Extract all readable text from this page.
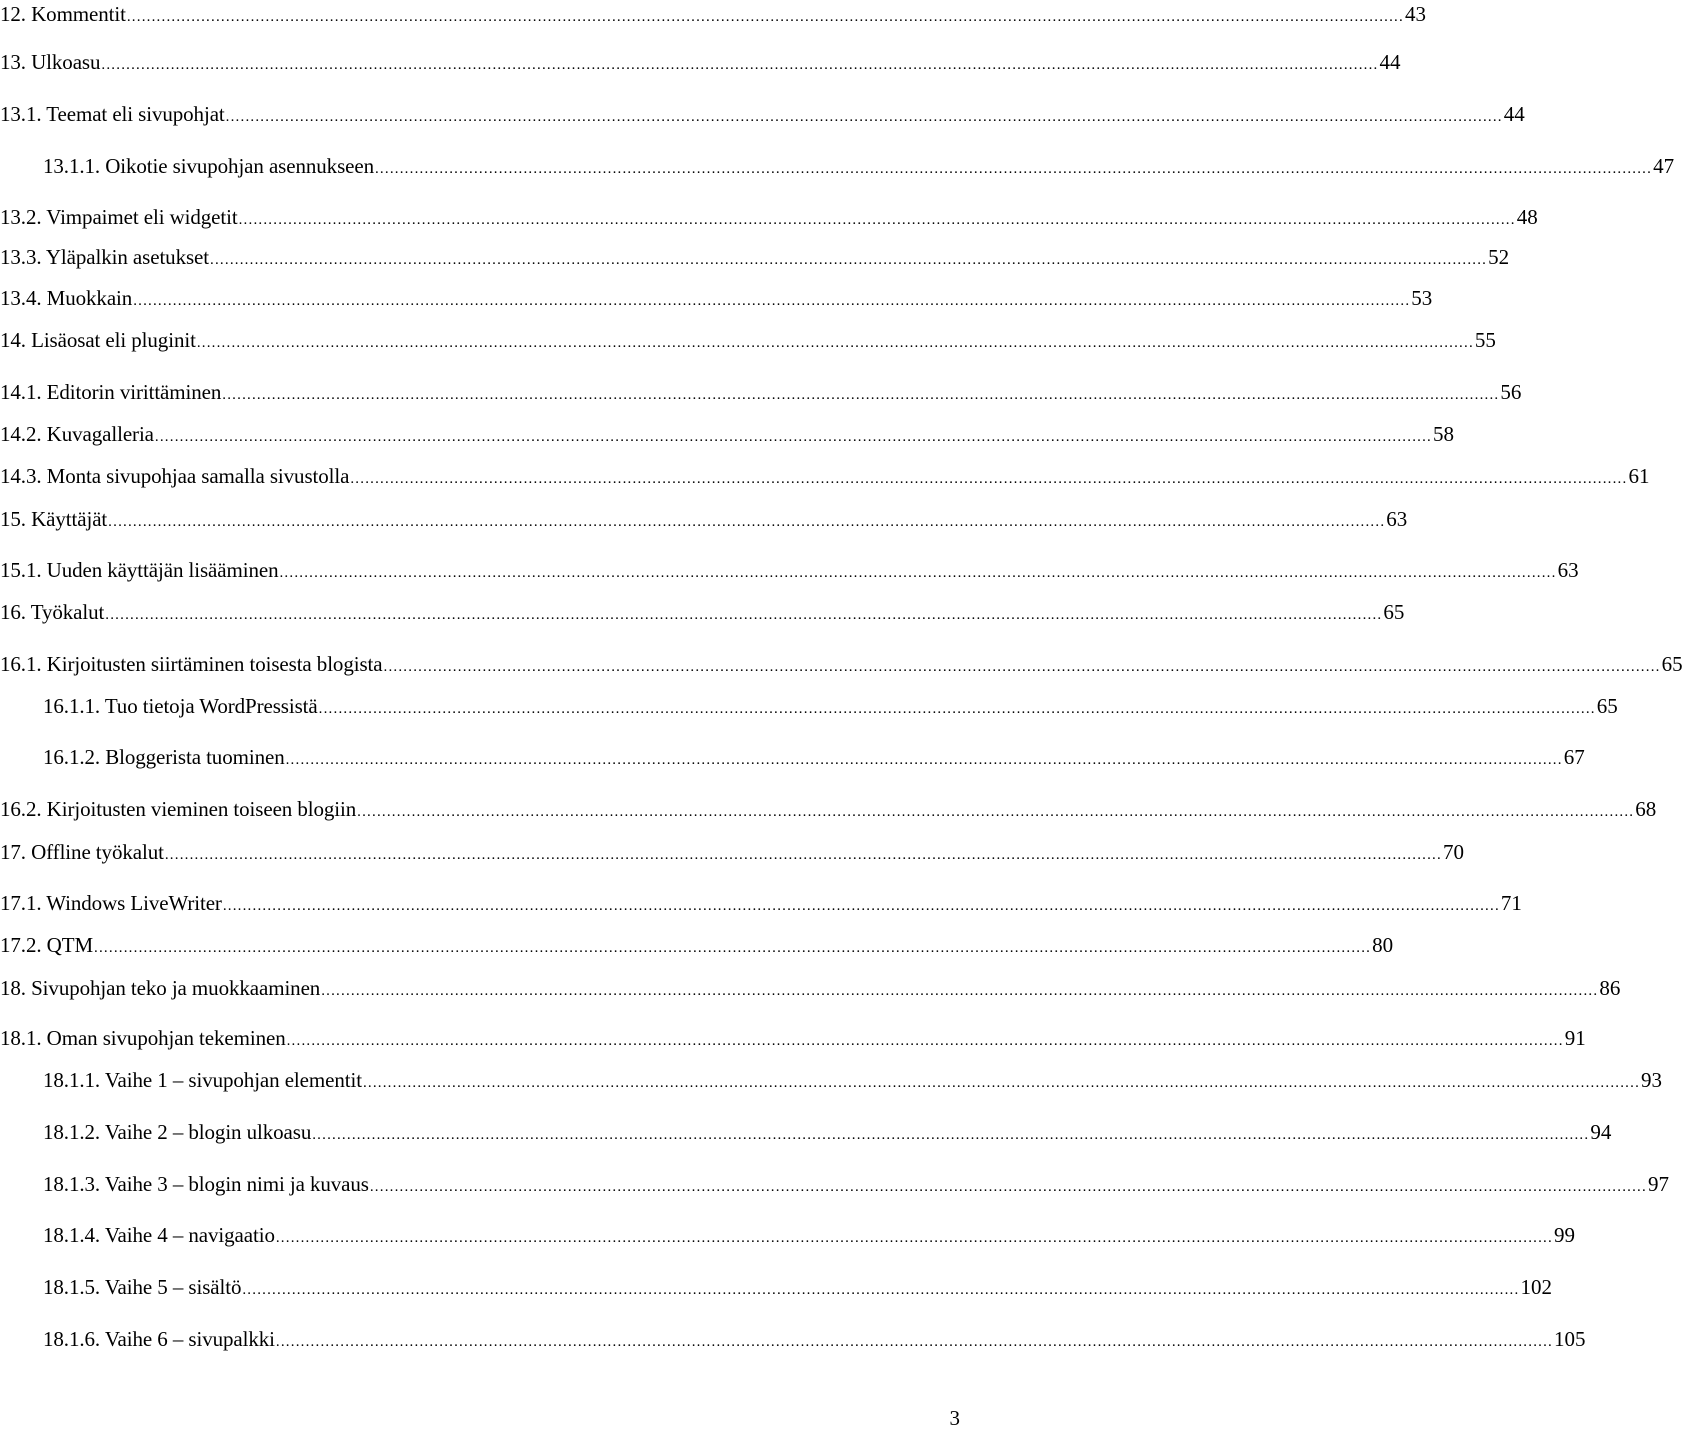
12. Kommentit .....	43
13. Ulkoasu .....	44
13.1. Teemat eli sivupohjat .....	44
13.1.1. Oikotie sivupohjan asennukseen .....	47
13.2. Vimpaimet eli widgetit .....	48
13.3. Yläpalkin asetukset .....	52
13.4. Muokkain .....	53
14. Lisäosat eli pluginit .....	55
14.1. Editorin virittäminen .....	56
14.2. Kuvagalleria .....	58
14.3. Monta sivupohjaa samalla sivustolla .....	61
15. Käyttäjät .....	63
15.1. Uuden käyttäjän lisääminen .....	63
16. Työkalut .....	65
16.1. Kirjoitusten siirtäminen toisesta blogista .....	65
16.1.1. Tuo tietoja WordPressistä .....	65
16.1.2. Bloggerista tuominen .....	67
16.2. Kirjoitusten vieminen toiseen blogiin .....	68
17. Offline työkalut .....	70
17.1. Windows LiveWriter .....	71
17.2. QTM .....	80
18. Sivupohjan teko ja muokkaaminen .....	86
18.1. Oman sivupohjan tekeminen .....	91
18.1.1. Vaihe 1 – sivupohjan elementit .....	93
18.1.2. Vaihe 2 – blogin ulkoasu .....	94
18.1.3. Vaihe 3 – blogin nimi ja kuvaus .....	97
18.1.4. Vaihe 4 – navigaatio .....	99
18.1.5. Vaihe 5 – sisältö .....	102
18.1.6. Vaihe 6 – sivupalkki .....	105
3
